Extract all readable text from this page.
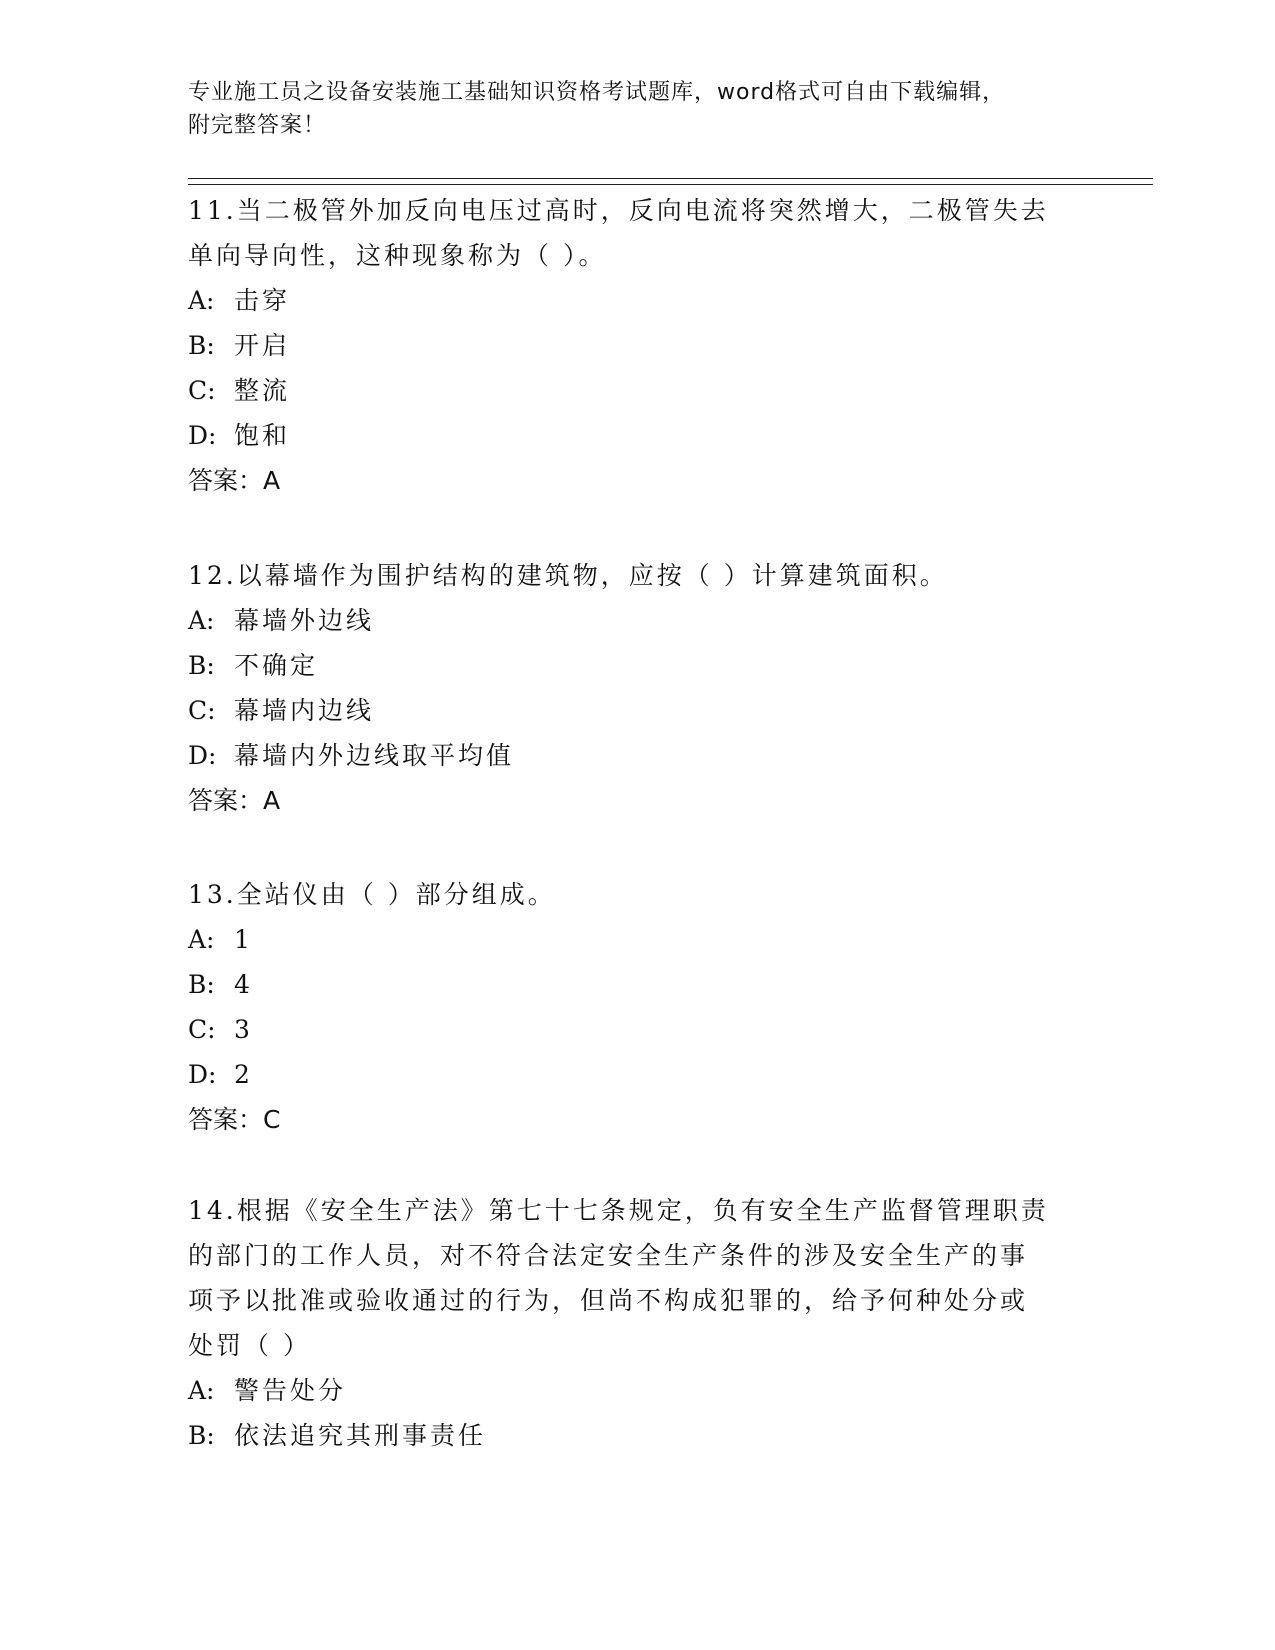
专业施工员之设备安装施工基础知识资格考试题库，word格式可自由下载编辑，
附完整答案！

11.当二极管外加反向电压过高时，反向电流将突然增大，二极管失去

单向导向性，这种现象称为（ ）。

A: 击穿

B: 开启

C: 整流

D: 饱和

答案：A

12.以幕墙作为围护结构的建筑物，应按（ ）计算建筑面积。

A: 幕墙外边线

B: 不确定

C: 幕墙内边线

D: 幕墙内外边线取平均值

答案：A

13.全站仪由（ ）部分组成。

A: 1

B: 4

C: 3

D: 2

答案：C

14.根据《安全生产法》第七十七条规定，负有安全生产监督管理职责

的部门的工作人员，对不符合法定安全生产条件的涉及安全生产的事

项予以批准或验收通过的行为，但尚不构成犯罪的，给予何种处分或

处罚（ ）

A: 警告处分

B: 依法追究其刑事责任
